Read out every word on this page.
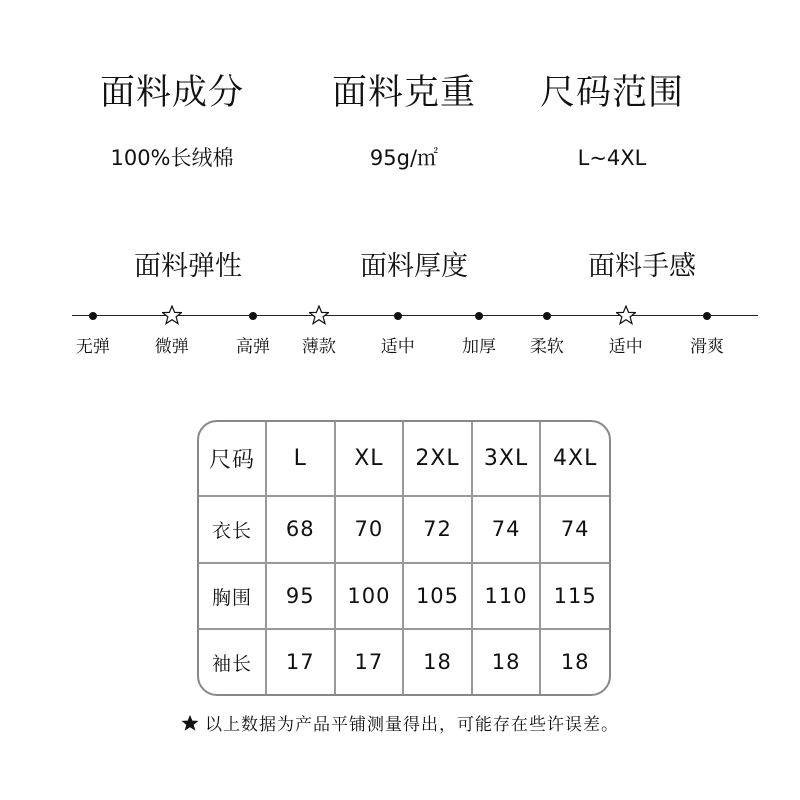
面料成分
100%长绒棉
面料克重
95g/㎡
尺码范围
L~4XL
面料弹性
无弹	微弹	高弹
面料厚度
薄款	适中	加厚
面料手感
柔软	适中	滑爽
尺码	L	XL	2XL	3XL	4XL
衣长	68	70	72	74	74
胸围	95	100	105	110	115
袖长	17	17	18	18	18
以上数据为产品平铺测量得出，可能存在些许误差。
